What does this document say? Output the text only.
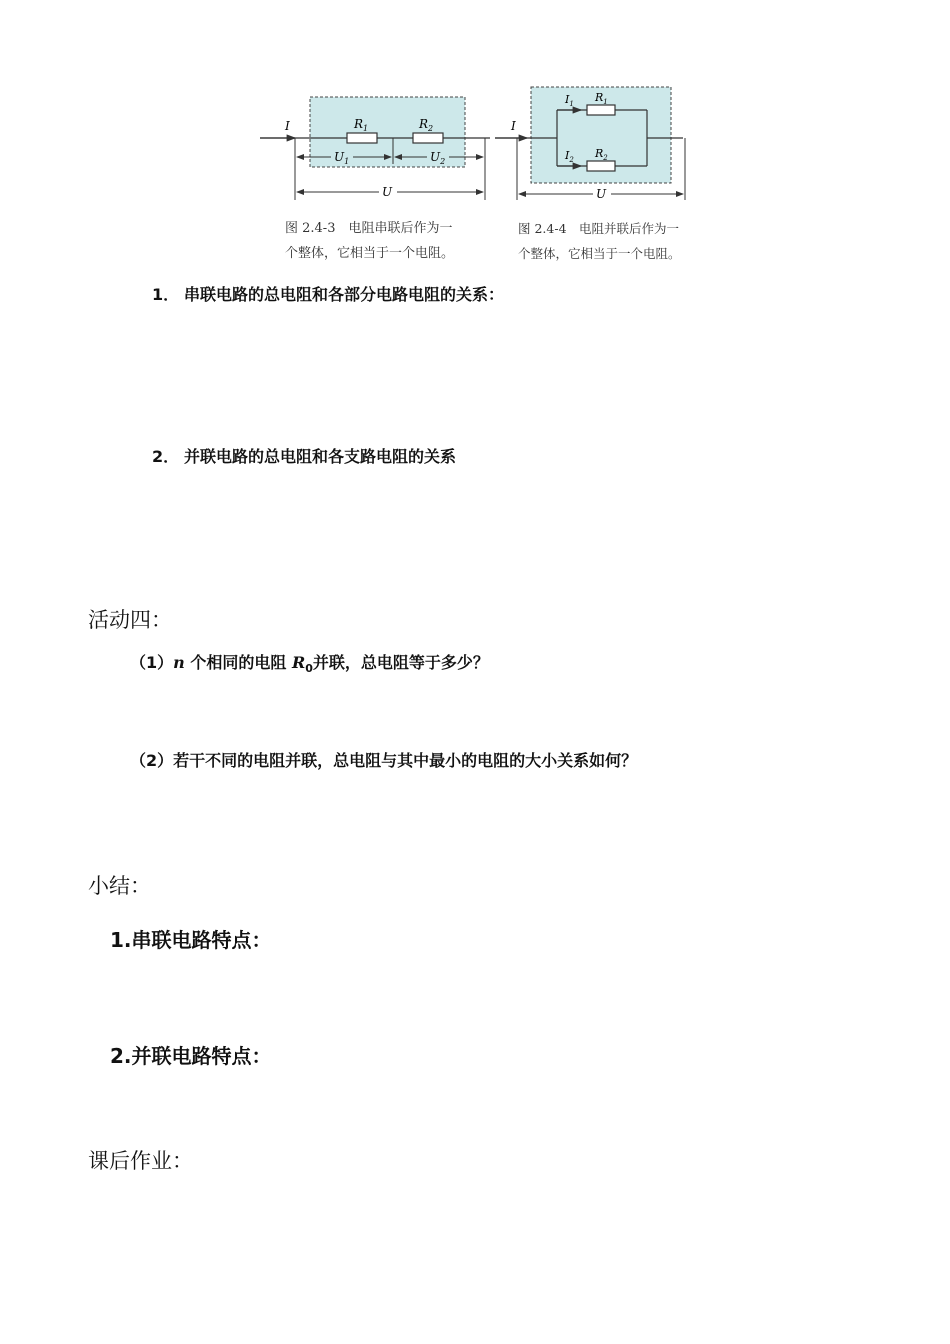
I	$R_1$	$R_2$
$U_1$	$U_2$
U
I
$I_1$ $R_1$
$I_2$ $R_2$
U
图 2.4-3　电阻串联后作为一
个整体，它相当于一个电阻。
图 2.4-4　电阻并联后作为一
个整体，它相当于一个电阻。
1． 串联电路的总电阻和各部分电路电阻的关系：
2． 并联电路的总电阻和各支路电阻的关系
活动四：
（1）n 个相同的电阻 $R_0$并联，总电阻等于多少？
（2）若干不同的电阻并联，总电阻与其中最小的电阻的大小关系如何？
小结：
1.串联电路特点：
2.并联电路特点：
课后作业：
